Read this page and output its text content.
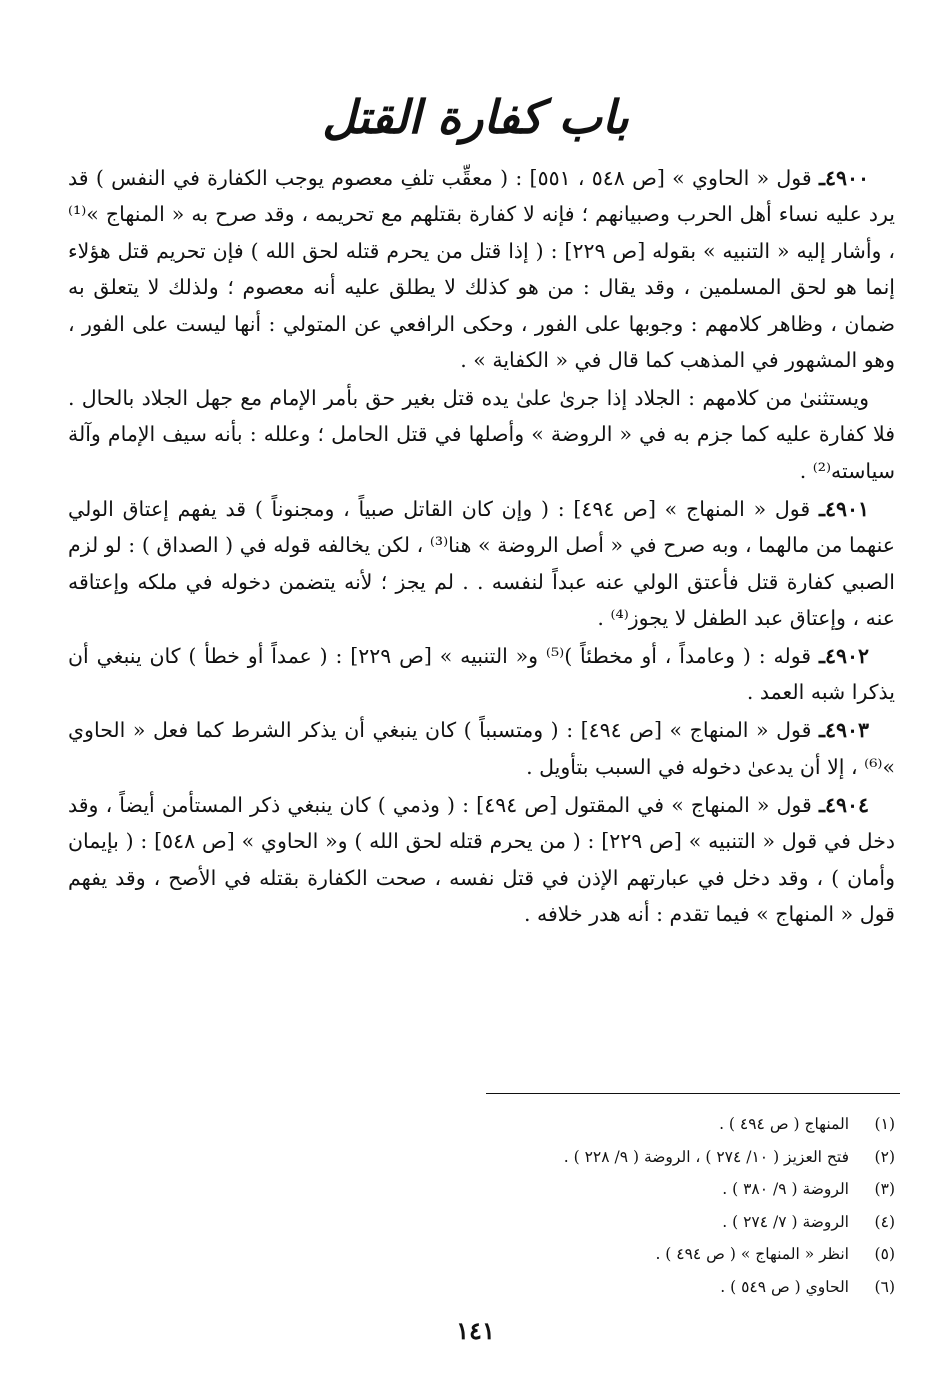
باب كفارة القتل

٤٩٠٠ـ قول « الحاوي » [ص ٥٤٨ ، ٥٥١] : ( معقِّب تلفِ معصوم يوجب الكفارة في النفس ) قد يرد عليه نساء أهل الحرب وصبيانهم ؛ فإنه لا كفارة بقتلهم مع تحريمه ، وقد صرح به « المنهاج »⁽¹⁾ ، وأشار إليه « التنبيه » بقوله [ص ٢٢٩] : ( إذا قتل من يحرم قتله لحق الله ) فإن تحريم قتل هؤلاء إنما هو لحق المسلمين ، وقد يقال : من هو كذلك لا يطلق عليه أنه معصوم ؛ ولذلك لا يتعلق به ضمان ، وظاهر كلامهم : وجوبها على الفور ، وحكى الرافعي عن المتولي : أنها ليست على الفور ، وهو المشهور في المذهب كما قال في « الكفاية » .

ويستثنىٰ من كلامهم : الجلاد إذا جرىٰ علىٰ يده قتل بغير حق بأمر الإمام مع جهل الجلاد بالحال . فلا كفارة عليه كما جزم به في « الروضة » وأصلها في قتل الحامل ؛ وعلله : بأنه سيف الإمام وآلة سياسته⁽²⁾ .

٤٩٠١ـ قول « المنهاج » [ص ٤٩٤] : ( وإن كان القاتل صبياً ، ومجنوناً ) قد يفهم إعتاق الولي عنهما من مالهما ، وبه صرح في « أصل الروضة » هنا⁽³⁾ ، لكن يخالفه قوله في ( الصداق ) : لو لزم الصبي كفارة قتل فأعتق الولي عنه عبداً لنفسه . . لم يجز ؛ لأنه يتضمن دخوله في ملكه وإعتاقه عنه ، وإعتاق عبد الطفل لا يجوز⁽⁴⁾ .

٤٩٠٢ـ قوله : ( وعامداً ، أو مخطئاً )⁽⁵⁾ و« التنبيه » [ص ٢٢٩] : ( عمداً أو خطأ ) كان ينبغي أن يذكرا شبه العمد .

٤٩٠٣ـ قول « المنهاج » [ص ٤٩٤] : ( ومتسبباً ) كان ينبغي أن يذكر الشرط كما فعل « الحاوي »⁽⁶⁾ ، إلا أن يدعىٰ دخوله في السبب بتأويل .

٤٩٠٤ـ قول « المنهاج » في المقتول [ص ٤٩٤] : ( وذمي ) كان ينبغي ذكر المستأمن أيضاً ، وقد دخل في قول « التنبيه » [ص ٢٢٩] : ( من يحرم قتله لحق الله ) و« الحاوي » [ص ٥٤٨] : ( بإيمان وأمان ) ، وقد دخل في عبارتهم الإذن في قتل نفسه ، صحت الكفارة بقتله في الأصح ، وقد يفهم قول « المنهاج » فيما تقدم : أنه هدر خلافه .

(١)
المنهاج ( ص ٤٩٤ ) .
(٢)
فتح العزيز ( ١٠/ ٢٧٤ ) ، الروضة ( ٩/ ٢٢٨ ) .
(٣)
الروضة ( ٩/ ٣٨٠ ) .
(٤)
الروضة ( ٧/ ٢٧٤ ) .
(٥)
انظر « المنهاج » ( ص ٤٩٤ ) .
(٦)
الحاوي ( ص ٥٤٩ ) .
١٤١
